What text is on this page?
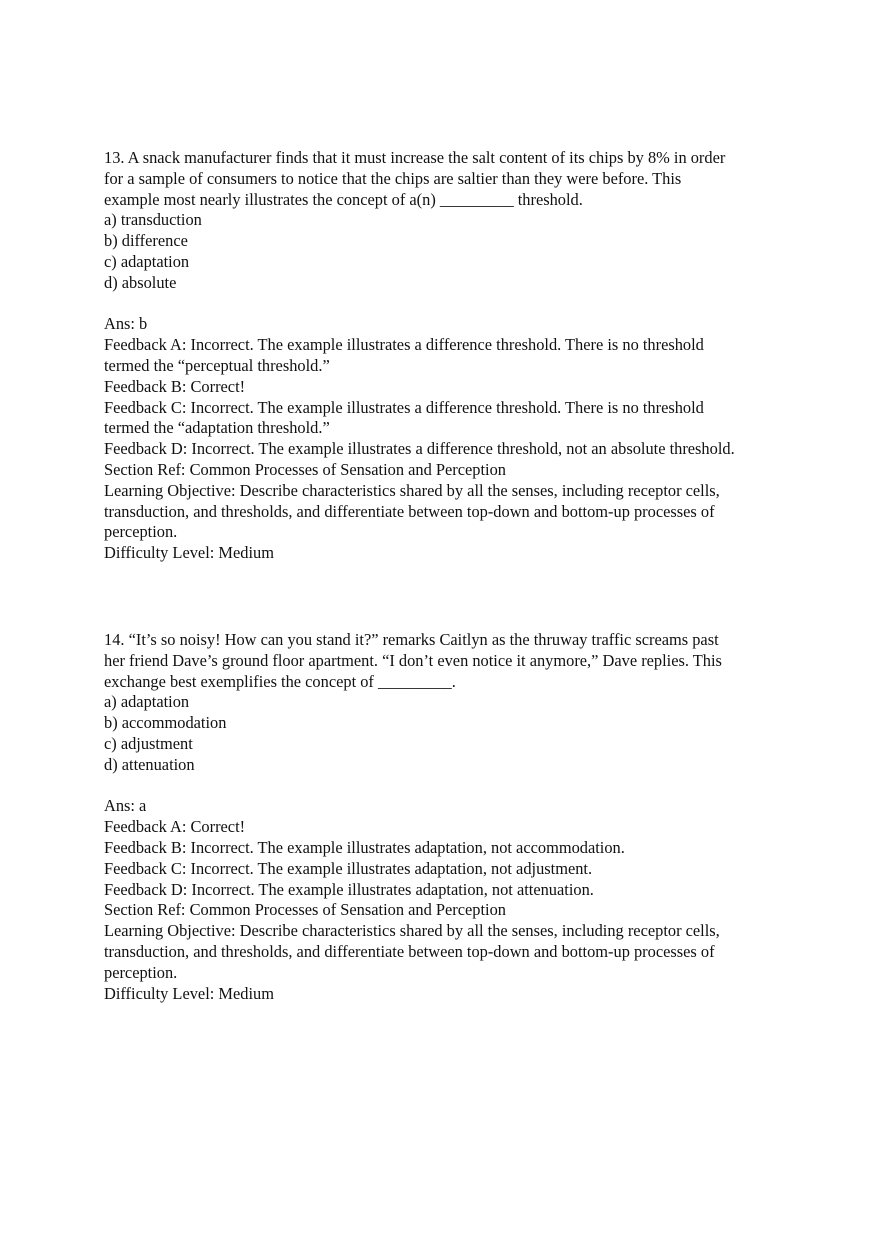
13. A snack manufacturer finds that it must increase the salt content of its chips by 8% in order
for a sample of consumers to notice that the chips are saltier than they were before. This
example most nearly illustrates the concept of a(n) _________ threshold.
a) transduction
b) difference
c) adaptation
d) absolute
Ans: b
Feedback A: Incorrect. The example illustrates a difference threshold. There is no threshold
termed the “perceptual threshold.”
Feedback B: Correct!
Feedback C: Incorrect. The example illustrates a difference threshold. There is no threshold
termed the “adaptation threshold.”
Feedback D: Incorrect. The example illustrates a difference threshold, not an absolute threshold.
Section Ref: Common Processes of Sensation and Perception
Learning Objective: Describe characteristics shared by all the senses, including receptor cells,
transduction, and thresholds, and differentiate between top-down and bottom-up processes of
perception.
Difficulty Level: Medium
14. “It’s so noisy! How can you stand it?” remarks Caitlyn as the thruway traffic screams past
her friend Dave’s ground floor apartment. “I don’t even notice it anymore,” Dave replies. This
exchange best exemplifies the concept of _________.
a) adaptation
b) accommodation
c) adjustment
d) attenuation
Ans: a
Feedback A: Correct!
Feedback B: Incorrect. The example illustrates adaptation, not accommodation.
Feedback C: Incorrect. The example illustrates adaptation, not adjustment.
Feedback D: Incorrect. The example illustrates adaptation, not attenuation.
Section Ref: Common Processes of Sensation and Perception
Learning Objective: Describe characteristics shared by all the senses, including receptor cells,
transduction, and thresholds, and differentiate between top-down and bottom-up processes of
perception.
Difficulty Level: Medium
